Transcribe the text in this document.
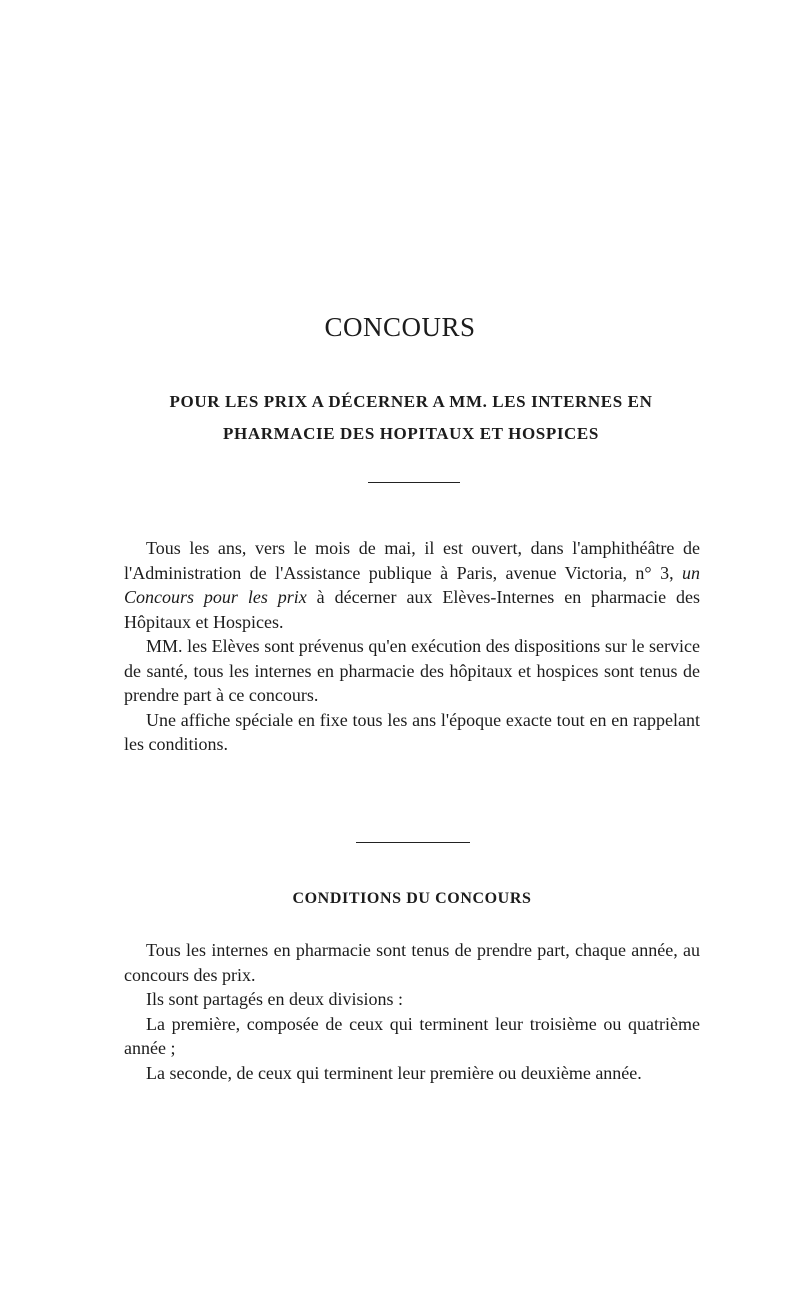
CONCOURS
POUR LES PRIX A DÉCERNER A MM. LES INTERNES EN
PHARMACIE DES HOPITAUX ET HOSPICES

Tous les ans, vers le mois de mai, il est ouvert, dans l'amphithéâtre de l'Administration de l'Assistance publique à Paris, avenue Victoria, n° 3, un Concours pour les prix à décerner aux Elèves-Internes en pharmacie des Hôpitaux et Hospices.

MM. les Elèves sont prévenus qu'en exécution des dispositions sur le service de santé, tous les internes en pharmacie des hôpitaux et hospices sont tenus de prendre part à ce concours.

Une affiche spéciale en fixe tous les ans l'époque exacte tout en en rappelant les conditions.

CONDITIONS DU CONCOURS

Tous les internes en pharmacie sont tenus de prendre part, chaque année, au concours des prix.

Ils sont partagés en deux divisions :

La première, composée de ceux qui terminent leur troisième ou quatrième année ;

La seconde, de ceux qui terminent leur première ou deuxième année.
